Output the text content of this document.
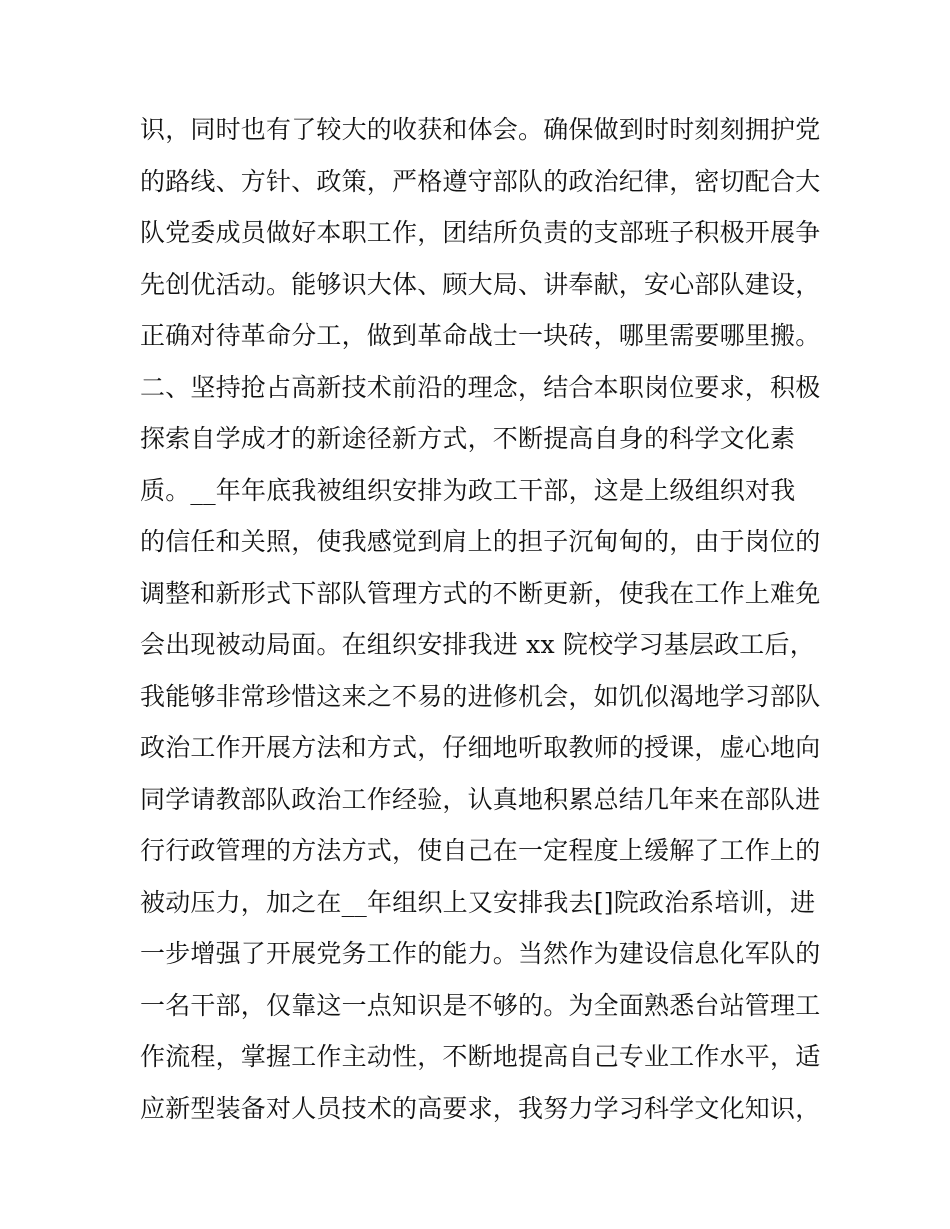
识，同时也有了较大的收获和体会。确保做到时时刻刻拥护党
的路线、方针、政策，严格遵守部队的政治纪律，密切配合大
队党委成员做好本职工作，团结所负责的支部班子积极开展争
先创优活动。能够识大体、顾大局、讲奉献，安心部队建设，
正确对待革命分工，做到革命战士一块砖，哪里需要哪里搬。
二、坚持抢占高新技术前沿的理念，结合本职岗位要求，积极
探索自学成才的新途径新方式，不断提高自身的科学文化素
质。__年年底我被组织安排为政工干部，这是上级组织对我
的信任和关照，使我感觉到肩上的担子沉甸甸的，由于岗位的
调整和新形式下部队管理方式的不断更新，使我在工作上难免
会出现被动局面。在组织安排我进 xx 院校学习基层政工后，
我能够非常珍惜这来之不易的进修机会，如饥似渴地学习部队
政治工作开展方法和方式，仔细地听取教师的授课，虚心地向
同学请教部队政治工作经验，认真地积累总结几年来在部队进
行行政管理的方法方式，使自己在一定程度上缓解了工作上的
被动压力，加之在__年组织上又安排我去[]院政治系培训，进
一步增强了开展党务工作的能力。当然作为建设信息化军队的
一名干部，仅靠这一点知识是不够的。为全面熟悉台站管理工
作流程，掌握工作主动性，不断地提高自己专业工作水平，适
应新型装备对人员技术的高要求，我努力学习科学文化知识，
